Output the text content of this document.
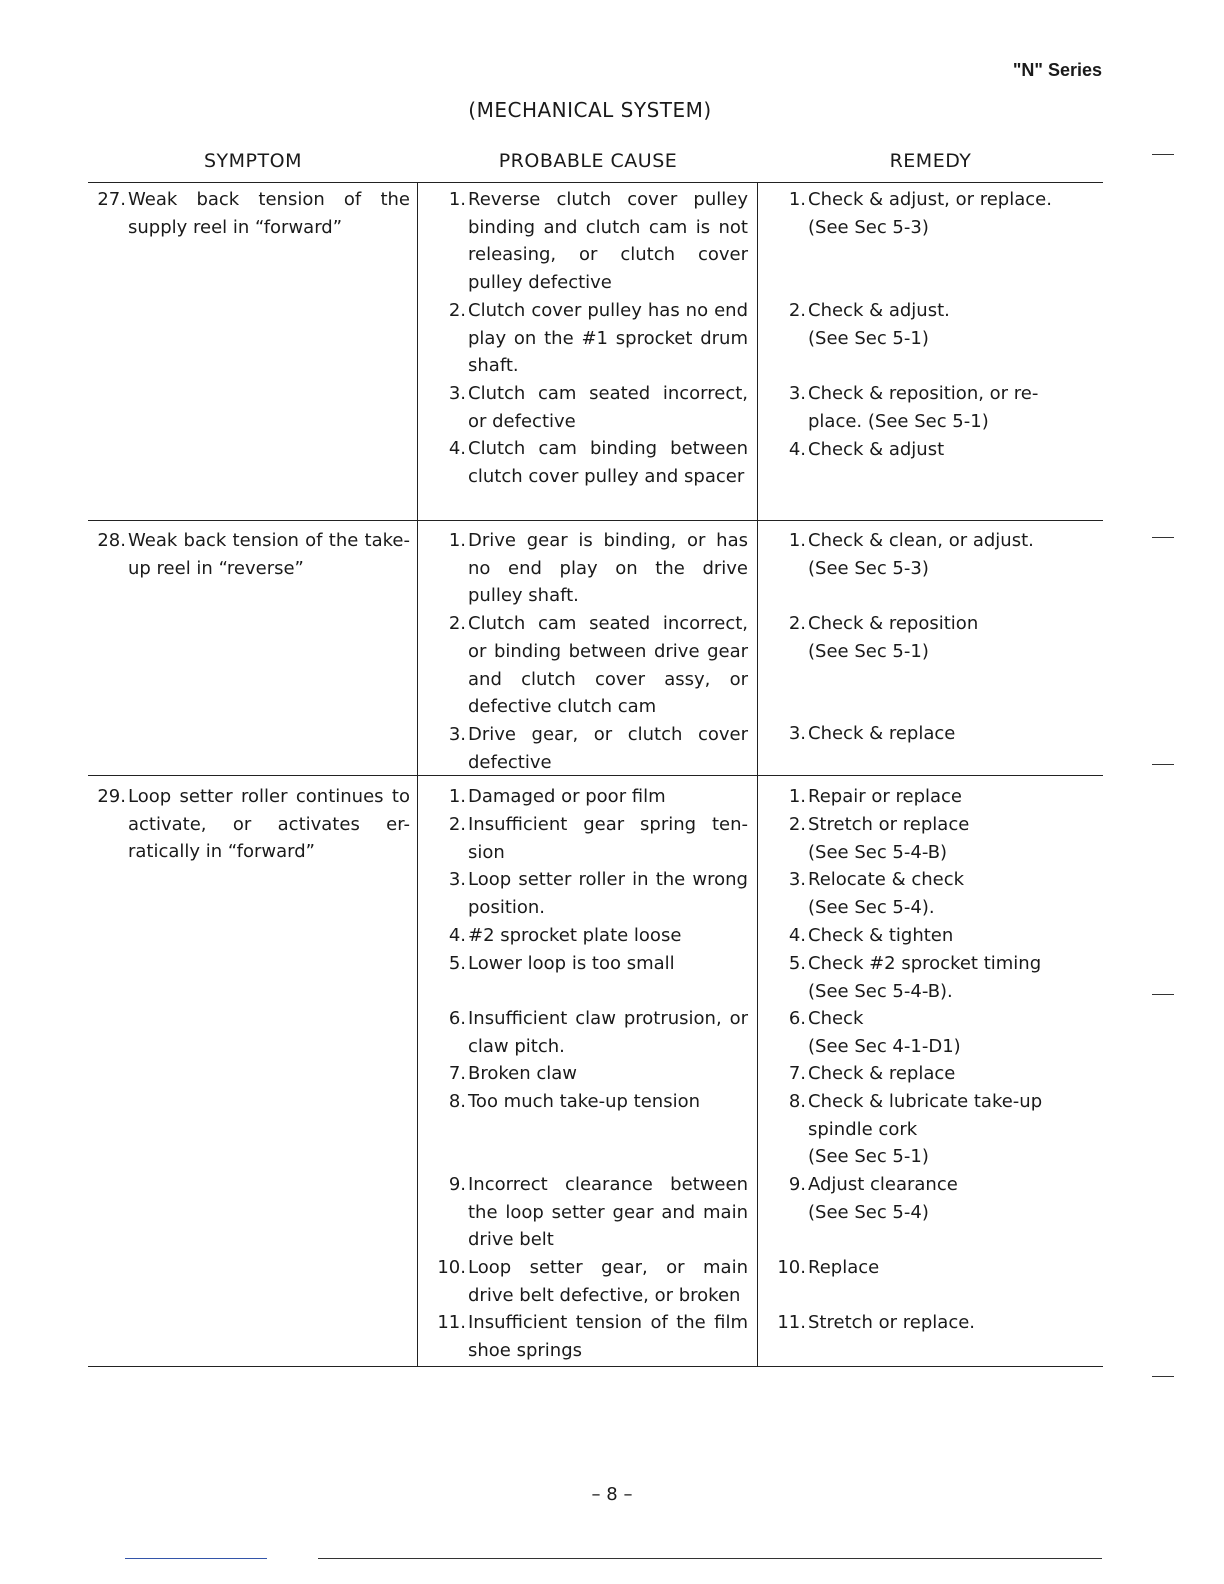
"N" Series
(MECHANICAL SYSTEM)
SYMPTOM	PROBABLE CAUSE	REMEDY
27. Weak back tension of the supply reel in “forward”
1. Reverse clutch cover pulley binding and clutch cam is not releasing, or clutch cover pulley defective
2. Clutch cover pulley has no end play on the #1 sprocket drum shaft.
3. Clutch cam seated incorrect, or defective
4. Clutch cam binding between clutch cover pulley and spacer
1. Check & adjust, or replace.
(See Sec 5-3)
2. Check & adjust.
(See Sec 5-1)
3. Check & reposition, or re-
place. (See Sec 5-1)
4. Check & adjust
28. Weak back tension of the take-up reel in “reverse”
1. Drive gear is binding, or has no end play on the drive pulley shaft.
2. Clutch cam seated incorrect, or binding between drive gear and clutch cover assy, or defective clutch cam
3. Drive gear, or clutch cover defective
1. Check & clean, or adjust.
(See Sec 5-3)
2. Check & reposition
(See Sec 5-1)
3. Check & replace
29. Loop setter roller continues to activate, or activates er-ratically in “forward”
1. Damaged or poor film
2. Insufficient gear spring ten-sion
3. Loop setter roller in the wrong position.
4. #2 sprocket plate loose
5. Lower loop is too small
6. Insufficient claw protrusion, or claw pitch.
7. Broken claw
8. Too much take-up tension
9. Incorrect clearance between the loop setter gear and main drive belt
10. Loop setter gear, or main drive belt defective, or broken
11. Insufficient tension of the film shoe springs
1. Repair or replace
2. Stretch or replace
(See Sec 5-4-B)
3. Relocate & check
(See Sec 5-4).
4. Check & tighten
5. Check #2 sprocket timing
(See Sec 5-4-B).
6. Check
(See Sec 4-1-D1)
7. Check & replace
8. Check & lubricate take-up
spindle cork
(See Sec 5-1)
9. Adjust clearance
(See Sec 5-4)
10. Replace
11. Stretch or replace.
– 8 –
